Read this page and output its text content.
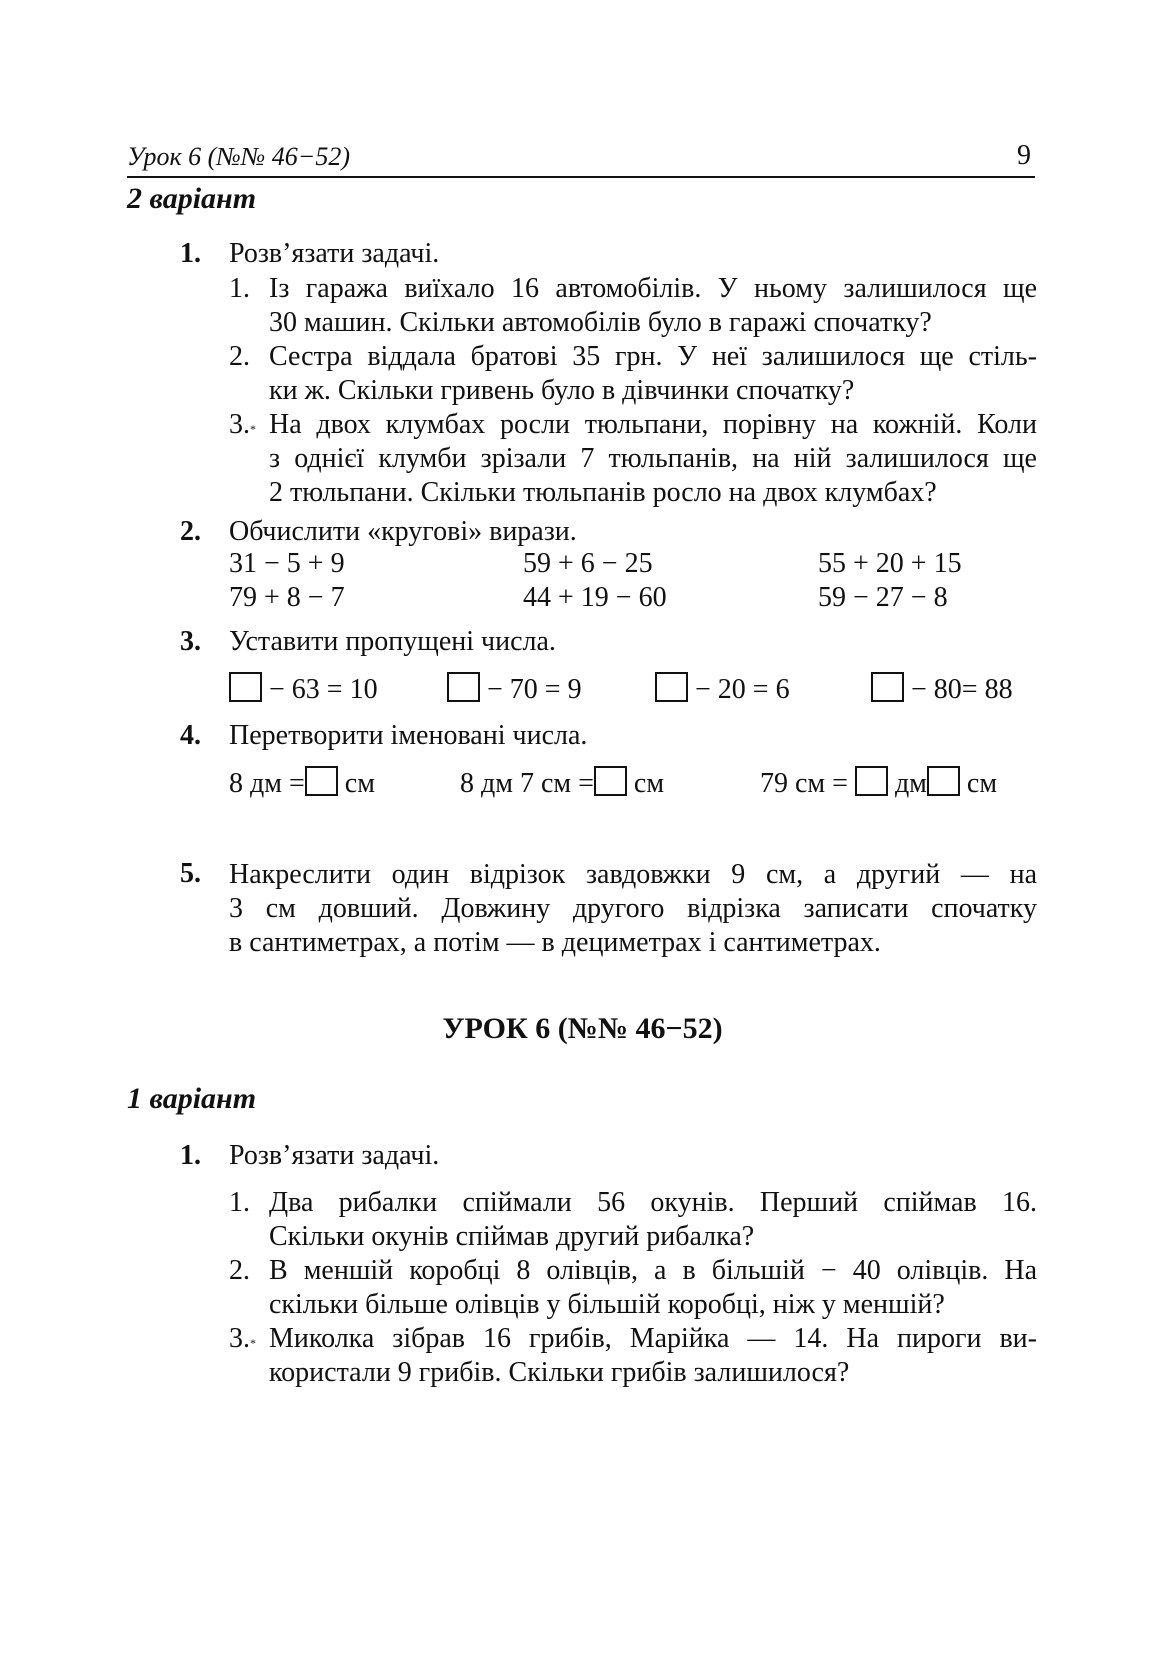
Урок 6 (№№ 46−52)	9
2 варіант
1. Розв’язати задачі.
1. Із гаража виїхало 16 автомобілів. У ньому залишилося ще
30 машин. Скільки автомобілів було в гаражі спочатку?
2. Сестра віддала братові 35 грн. У неї залишилося ще стіль-
ки ж. Скільки гривень було в дівчинки спочатку?
3.* На двох клумбах росли тюльпани, порівну на кожній. Коли
з однієї клумби зрізали 7 тюльпанів, на ній залишилося ще
2 тюльпани. Скільки тюльпанів росло на двох клумбах?
2. Обчислити «кругові» вирази.
31 − 5 + 9	59 + 6 − 25	55 + 20 + 15
79 + 8 − 7	44 + 19 − 60	59 − 27 − 8
3. Уставити пропущені числа.
− 63 = 10	− 70 = 9	− 20 = 6	− 80= 88
4. Перетворити іменовані числа.
8 дм = см	8 дм 7 см = см	79 см = дм см
5. Накреслити один відрізок завдовжки 9 см, а другий — на
3 см довший. Довжину другого відрізка записати спочатку
в сантиметрах, а потім — в дециметрах і сантиметрах.
УРОК 6 (№№ 46−52)
1 варіант
1. Розв’язати задачі.
1. Два рибалки спіймали 56 окунів. Перший спіймав 16.
Скільки окунів спіймав другий рибалка?
2. В меншій коробці 8 олівців, а в більшій − 40 олівців. На
скільки більше олівців у більшій коробці, ніж у меншій?
3.* Миколка зібрав 16 грибів, Марійка — 14. На пироги ви-
користали 9 грибів. Скільки грибів залишилося?
